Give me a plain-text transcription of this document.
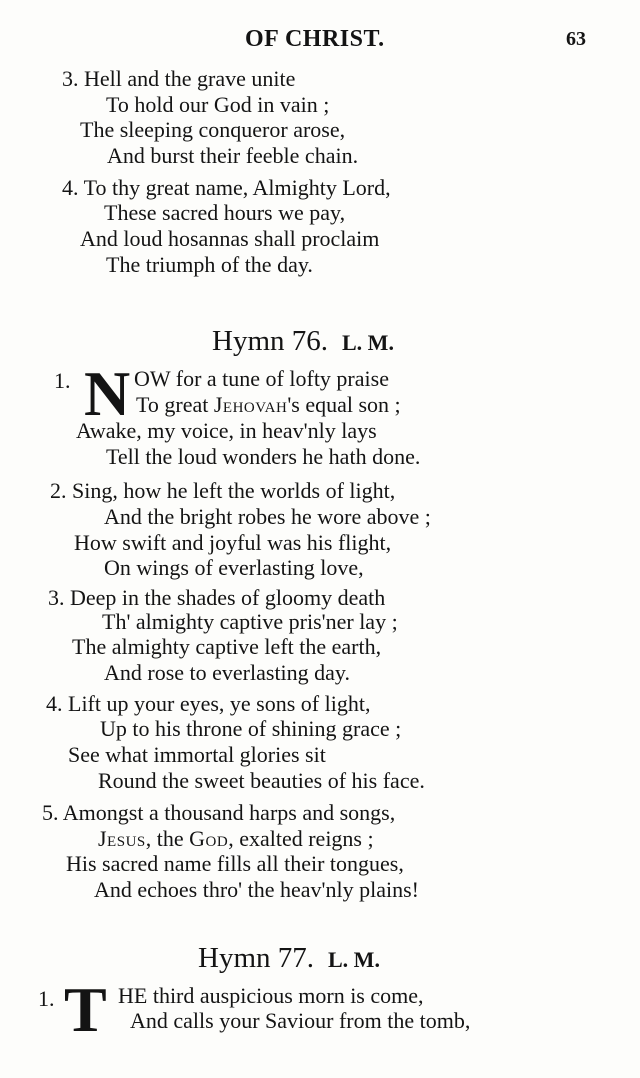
OF CHRIST.	63
3. Hell and the grave unite
To hold our God in vain ;
The sleeping conqueror arose,
And burst their feeble chain.
4. To thy great name, Almighty Lord,
These sacred hours we pay,
And loud hosannas shall proclaim
The triumph of the day.
Hymn 76. L. M.
1. N OW for a tune of lofty praise
To great Jehovah's equal son ;
Awake, my voice, in heav'nly lays
Tell the loud wonders he hath done.
2. Sing, how he left the worlds of light,
And the bright robes he wore above ;
How swift and joyful was his flight,
On wings of everlasting love,
3. Deep in the shades of gloomy death
Th' almighty captive pris'ner lay ;
The almighty captive left the earth,
And rose to everlasting day.
4. Lift up your eyes, ye sons of light,
Up to his throne of shining grace ;
See what immortal glories sit
Round the sweet beauties of his face.
5. Amongst a thousand harps and songs,
Jesus, the God, exalted reigns ;
His sacred name fills all their tongues,
And echoes thro' the heav'nly plains!
Hymn 77. L. M.
1. T HE third auspicious morn is come,
And calls your Saviour from the tomb,
